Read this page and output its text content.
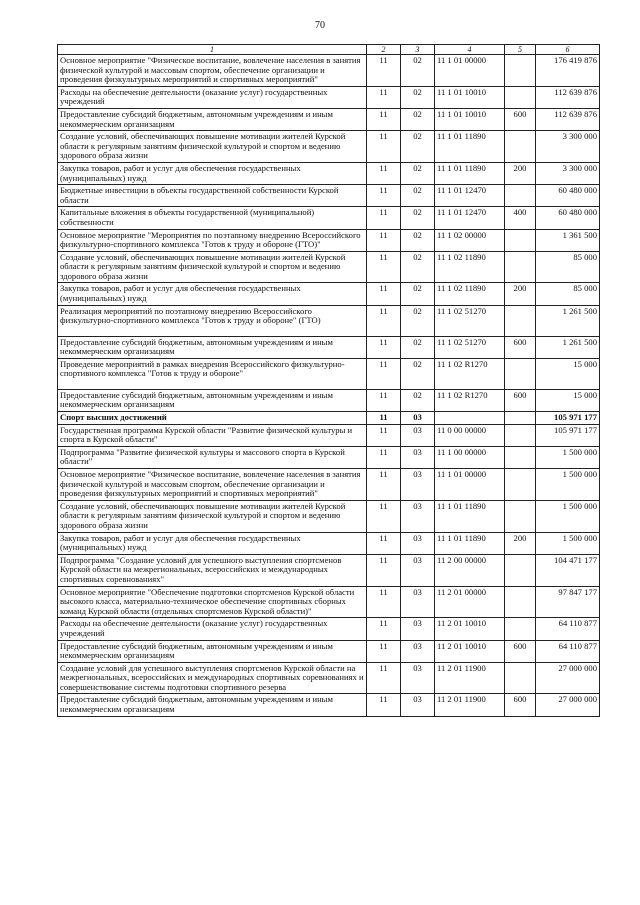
70
1	2	3	4	5	6
Основное мероприятие "Физическое воспитание, вовлечение населения в занятия физической культурой и массовым спортом, обеспечение организации и проведения физкультурных мероприятий и спортивных мероприятий"	11	02	11 1 01 00000		176 419 876
Расходы на обеспечение деятельности (оказание услуг) государственных учреждений	11	02	11 1 01 10010		112 639 876
Предоставление субсидий бюджетным, автономным учреждениям и иным некоммерческим организациям	11	02	11 1 01 10010	600	112 639 876
Создание условий, обеспечивающих повышение мотивации жителей Курской области к регулярным занятиям физической культурой и спортом и ведению здорового образа жизни	11	02	11 1 01 11890		3 300 000
Закупка товаров, работ и услуг для обеспечения государственных (муниципальных) нужд	11	02	11 1 01 11890	200	3 300 000
Бюджетные инвестиции в объекты государственной собственности Курской области	11	02	11 1 01 12470		60 480 000
Капитальные вложения в объекты государственной (муниципальной) собственности	11	02	11 1 01 12470	400	60 480 000
Основное мероприятие "Мероприятия по поэтапному внедрению Всероссийского физкультурно-спортивного комплекса "Готов к труду и обороне (ГТО)"	11	02	11 1 02 00000		1 361 500
Создание условий, обеспечивающих повышение мотивации жителей Курской области к регулярным занятиям физической культурой и спортом и ведению здорового образа жизни	11	02	11 1 02 11890		85 000
Закупка товаров, работ и услуг для обеспечения государственных (муниципальных) нужд	11	02	11 1 02 11890	200	85 000
Реализация мероприятий по поэтапному внедрению Всероссийского физкультурно-спортивного комплекса "Готов к труду и обороне" (ГТО)	11	02	11 1 02 51270		1 261 500
Предоставление субсидий бюджетным, автономным учреждениям и иным некоммерческим организациям	11	02	11 1 02 51270	600	1 261 500
Проведение мероприятий в рамках внедрения Всероссийского физкультурно-спортивного комплекса "Готов к труду и обороне"	11	02	11 1 02 R1270		15 000
Предоставление субсидий бюджетным, автономным учреждениям и иным некоммерческим организациям	11	02	11 1 02 R1270	600	15 000
Спорт высших достижений	11	03			105 971 177
Государственная программа Курской области "Развитие физической культуры и спорта в Курской области"	11	03	11 0 00 00000		105 971 177
Подпрограмма "Развитие физической культуры и массового спорта в Курской области"	11	03	11 1 00 00000		1 500 000
Основное мероприятие "Физическое воспитание, вовлечение населения в занятия физической культурой и массовым спортом, обеспечение организации и проведения физкультурных мероприятий и спортивных мероприятий"	11	03	11 1 01 00000		1 500 000
Создание условий, обеспечивающих повышение мотивации жителей Курской области к регулярным занятиям физической культурой и спортом и ведению здорового образа жизни	11	03	11 1 01 11890		1 500 000
Закупка товаров, работ и услуг для обеспечения государственных (муниципальных) нужд	11	03	11 1 01 11890	200	1 500 000
Подпрограмма "Создание условий для успешного выступления спортсменов Курской области на межрегиональных, всероссийских и международных спортивных соревнованиях"	11	03	11 2 00 00000		104 471 177
Основное мероприятие "Обеспечение подготовки спортсменов Курской области высокого класса, материально-техническое обеспечение спортивных сборных команд Курской области (отдельных спортсменов Курской области)"	11	03	11 2 01 00000		97 847 177
Расходы на обеспечение деятельности (оказание услуг) государственных учреждений	11	03	11 2 01 10010		64 110 877
Предоставление субсидий бюджетным, автономным учреждениям и иным некоммерческим организациям	11	03	11 2 01 10010	600	64 110 877
Создание условий для успешного выступления спортсменов Курской области на межрегиональных, всероссийских и международных спортивных соревнованиях и совершенствование системы подготовки спортивного резерва	11	03	11 2 01 11900		27 000 000
Предоставление субсидий бюджетным, автономным учреждениям и иным некоммерческим организациям	11	03	11 2 01 11900	600	27 000 000
